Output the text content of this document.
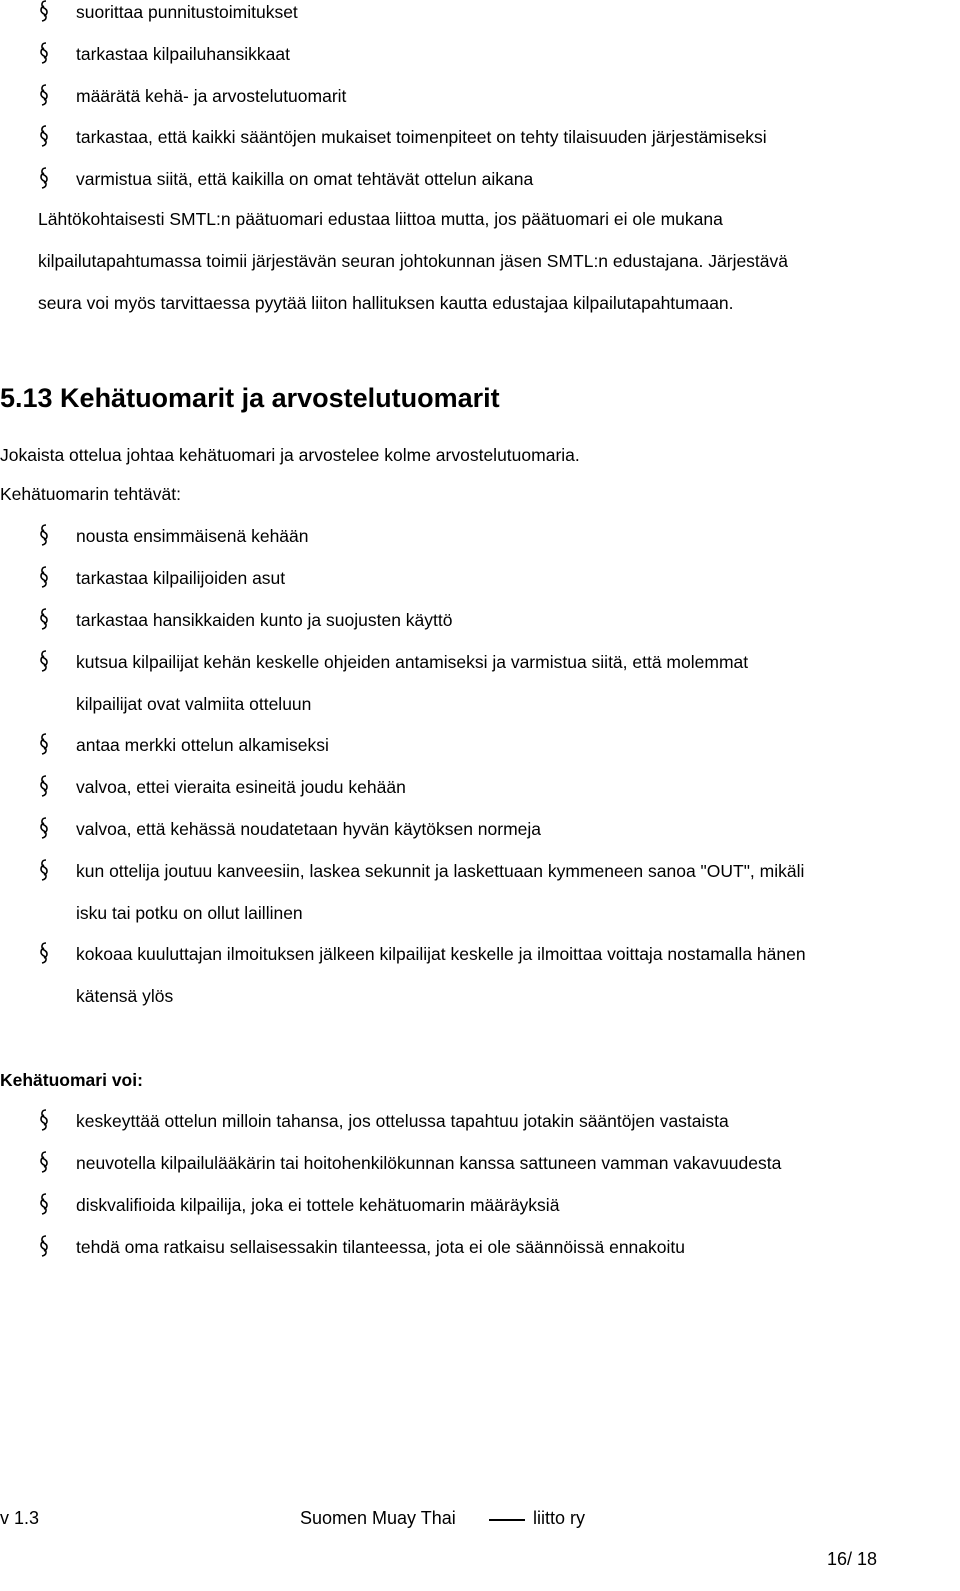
suorittaa punnitustoimitukset
tarkastaa kilpailuhansikkaat
määrätä kehä- ja arvostelutuomarit
tarkastaa, että kaikki sääntöjen mukaiset toimenpiteet on tehty tilaisuuden järjestämiseksi
varmistua siitä, että kaikilla on omat tehtävät ottelun aikana
Lähtökohtaisesti SMTL:n päätuomari edustaa liittoa mutta, jos päätuomari ei ole mukana
kilpailutapahtumassa toimii järjestävän seuran johtokunnan jäsen SMTL:n edustajana. Järjestävä
seura voi myös tarvittaessa pyytää liiton hallituksen kautta edustajaa kilpailutapahtumaan.
5.13 Kehätuomarit ja arvostelutuomarit
Jokaista ottelua johtaa kehätuomari ja arvostelee kolme arvostelutuomaria.
Kehätuomarin tehtävät:
nousta ensimmäisenä kehään
tarkastaa kilpailijoiden asut
tarkastaa hansikkaiden kunto ja suojusten käyttö
kutsua kilpailijat kehän keskelle ohjeiden antamiseksi ja varmistua siitä, että molemmat
kilpailijat ovat valmiita otteluun
antaa merkki ottelun alkamiseksi
valvoa, ettei vieraita esineitä joudu kehään
valvoa, että kehässä noudatetaan hyvän käytöksen normeja
kun ottelija joutuu kanveesiin, laskea sekunnit ja laskettuaan kymmeneen sanoa "OUT", mikäli
isku tai potku on ollut laillinen
kokoaa kuuluttajan ilmoituksen jälkeen kilpailijat keskelle ja ilmoittaa voittaja nostamalla hänen
kätensä ylös
Kehätuomari voi:
keskeyttää ottelun milloin tahansa, jos ottelussa tapahtuu jotakin sääntöjen vastaista
neuvotella kilpailulääkärin tai hoitohenkilökunnan kanssa sattuneen vamman vakavuudesta
diskvalifioida kilpailija, joka ei tottele kehätuomarin määräyksiä
tehdä oma ratkaisu sellaisessakin tilanteessa, jota ei ole säännöissä ennakoitu
v 1.3	Suomen Muay Thai	liitto ry
16/ 18
